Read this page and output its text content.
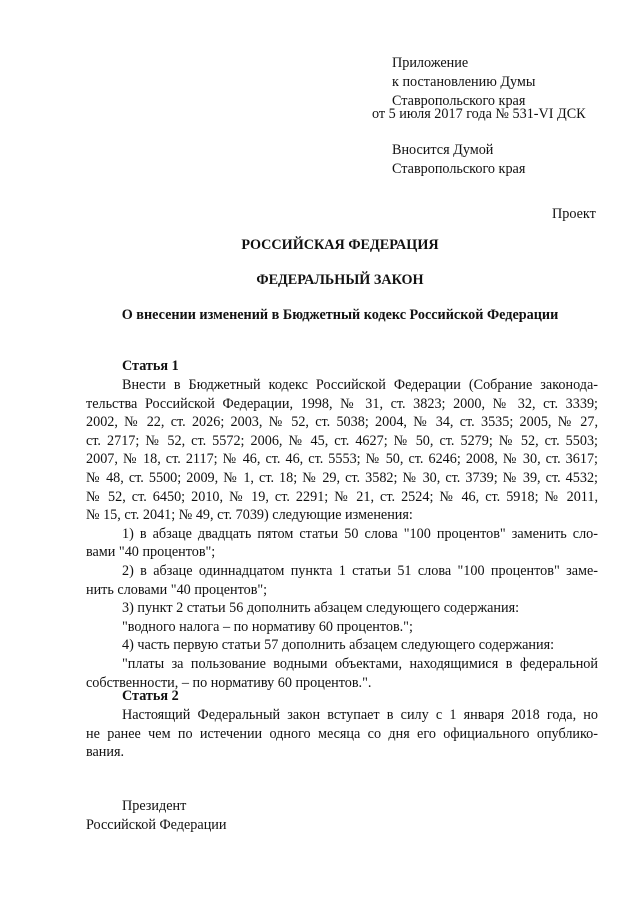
Приложение
к постановлению Думы
Ставропольского края
от 5 июля 2017 года № 531-VI ДСК
Вносится Думой
Ставропольского края
Проект
РОССИЙСКАЯ ФЕДЕРАЦИЯ
ФЕДЕРАЛЬНЫЙ ЗАКОН
О внесении изменений в Бюджетный кодекс Российской Федерации
Статья 1
Внести в Бюджетный кодекс Российской Федерации (Собрание законода-
тельства Российской Федерации, 1998, № 31, ст. 3823; 2000, № 32, ст. 3339;
2002, № 22, ст. 2026; 2003, № 52, ст. 5038; 2004, № 34, ст. 3535; 2005, № 27,
ст. 2717; № 52, ст. 5572; 2006, № 45, ст. 4627; № 50, ст. 5279; № 52, ст. 5503;
2007, № 18, ст. 2117; № 46, ст. 46, ст. 5553; № 50, ст. 6246; 2008, № 30, ст. 3617;
№ 48, ст. 5500; 2009, № 1, ст. 18; № 29, ст. 3582; № 30, ст. 3739; № 39, ст. 4532;
№ 52, ст. 6450; 2010, № 19, ст. 2291; № 21, ст. 2524; № 46, ст. 5918; № 2011,
№ 15, ст. 2041; № 49, ст. 7039) следующие изменения:
1) в абзаце двадцать пятом статьи 50 слова "100 процентов" заменить сло-
вами "40 процентов";
2) в абзаце одиннадцатом пункта 1 статьи 51 слова "100 процентов" заме-
нить словами "40 процентов";
3) пункт 2 статьи 56 дополнить абзацем следующего содержания:
"водного налога – по нормативу 60 процентов.";
4) часть первую статьи 57 дополнить абзацем следующего содержания:
"платы за пользование водными объектами, находящимися в федеральной
собственности, – по нормативу 60 процентов.".
Статья 2
Настоящий Федеральный закон вступает в силу с 1 января 2018 года, но
не ранее чем по истечении одного месяца со дня его официального опублико-
вания.
Президент
Российской Федерации
